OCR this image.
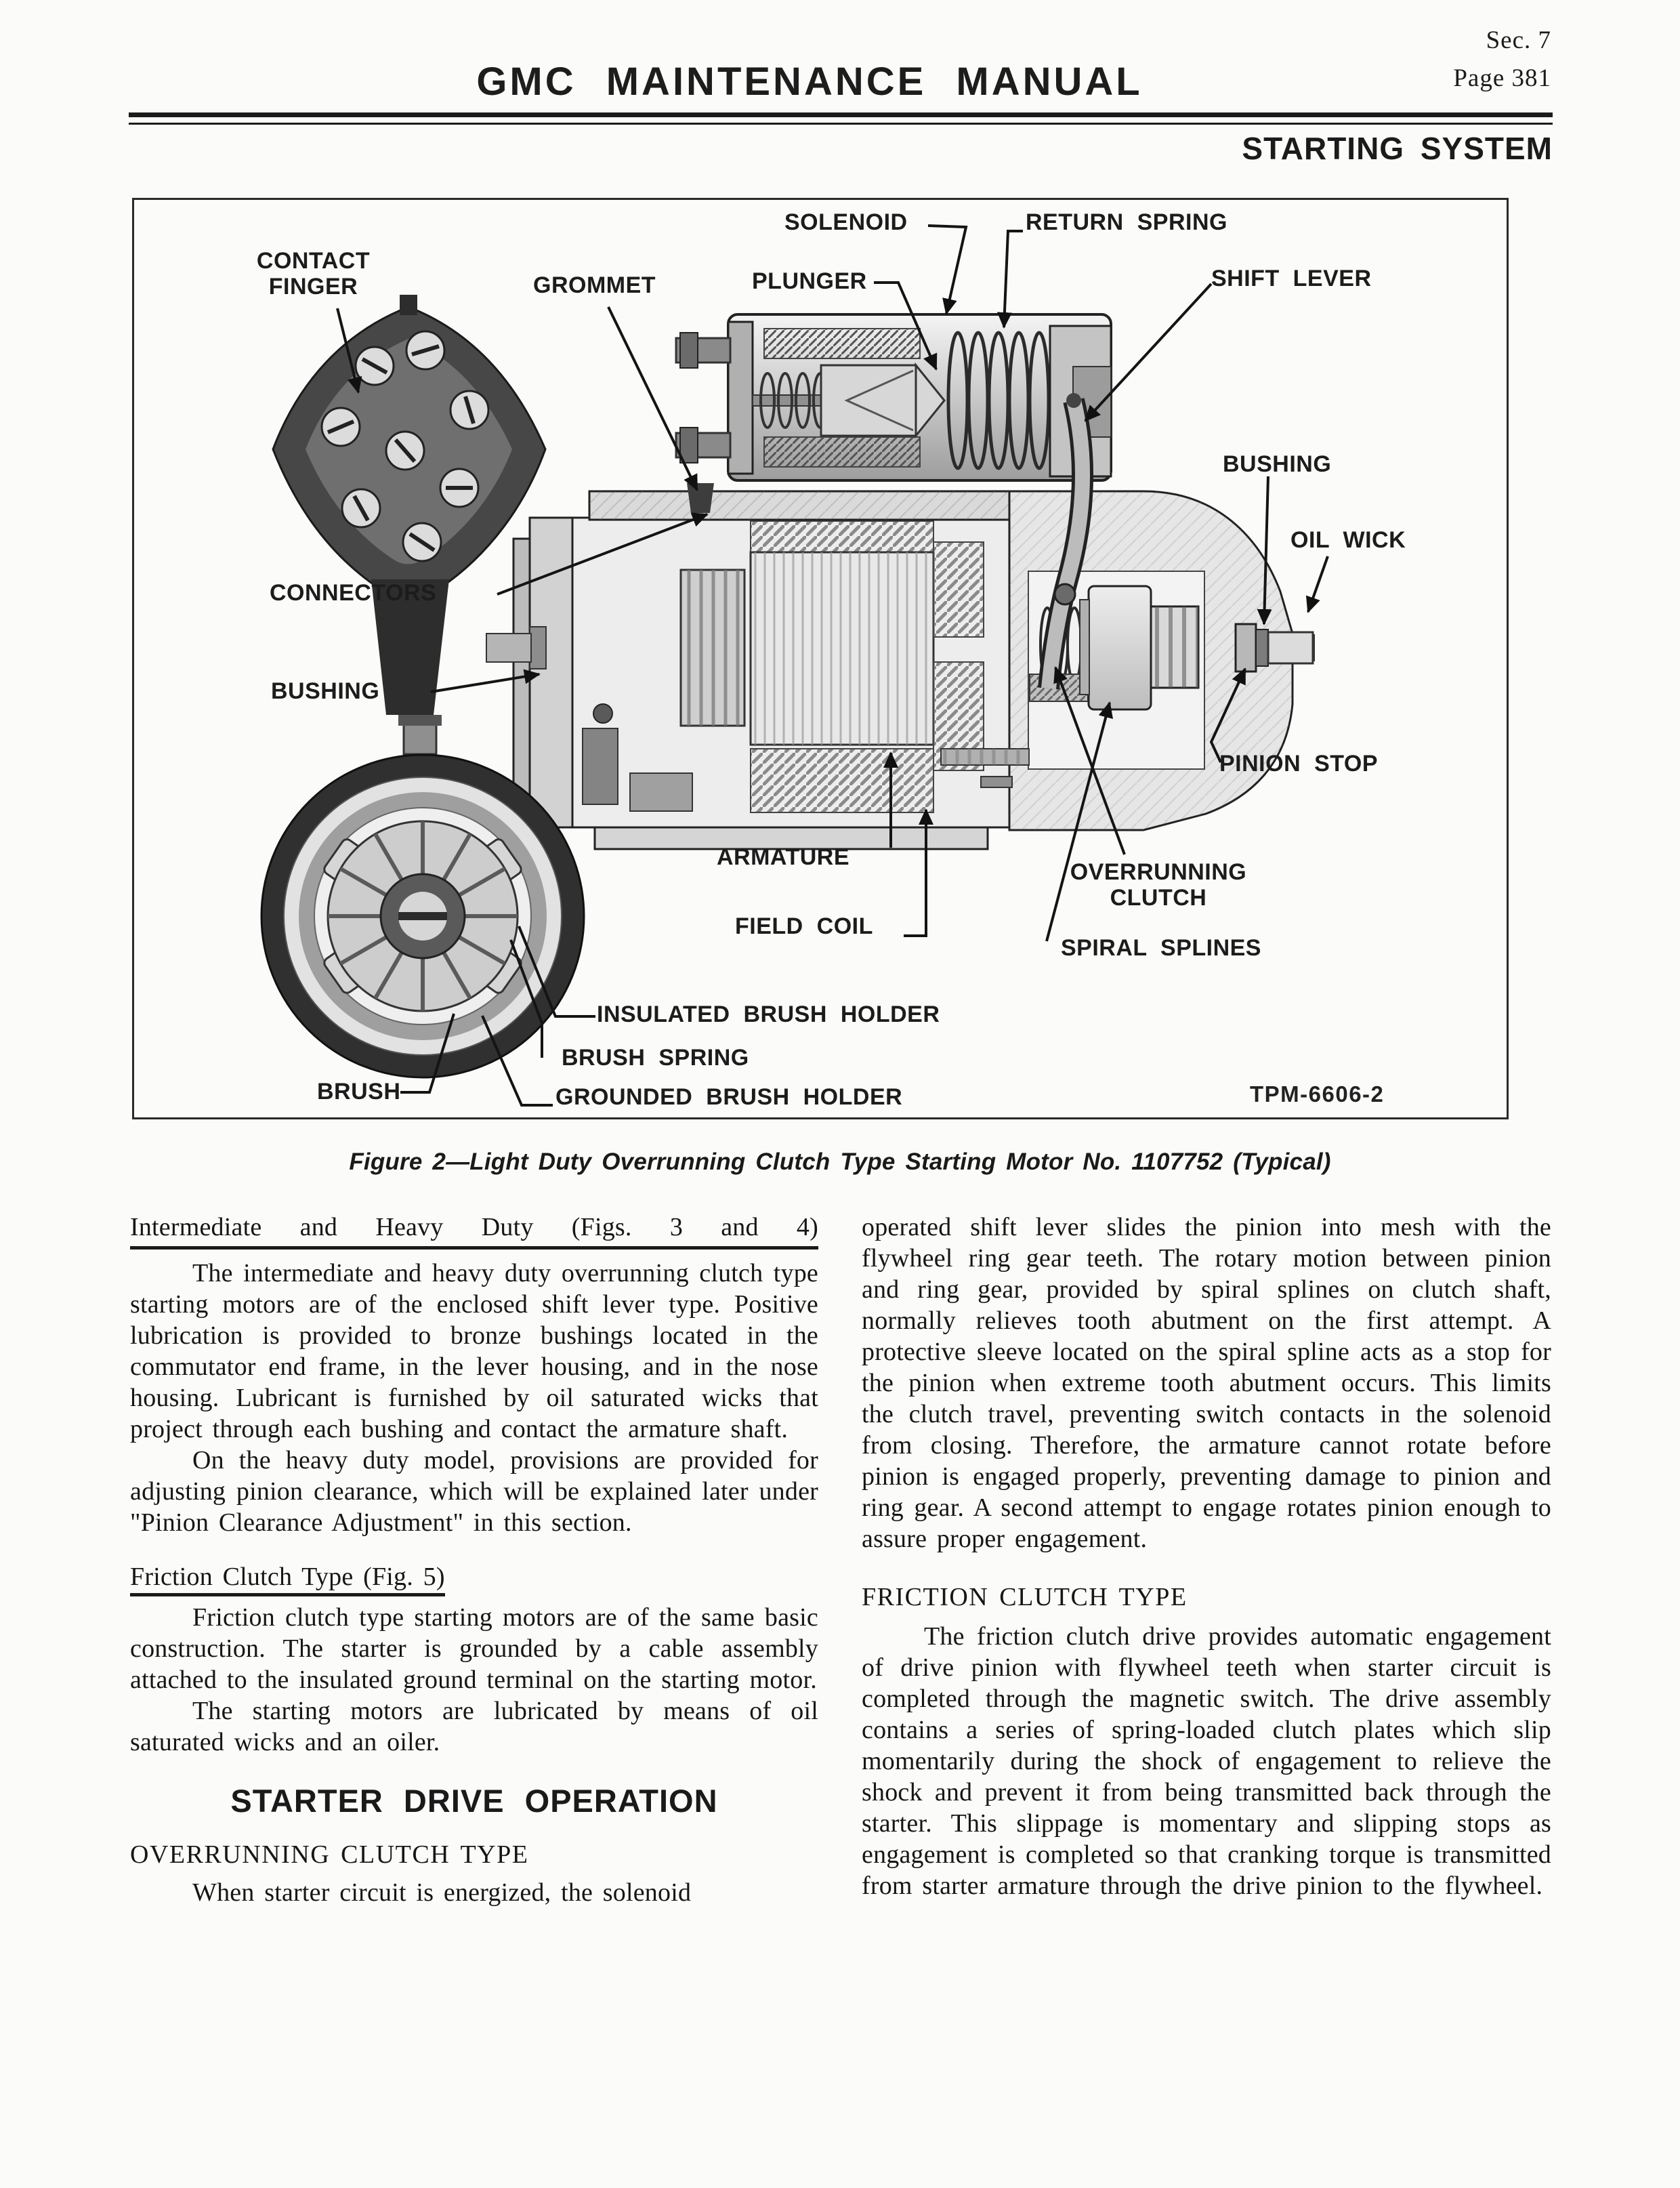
Sec. 7
Page 381
GMC MAINTENANCE MANUAL
STARTING SYSTEM
SOLENOID	RETURN SPRING
CONTACT FINGER	GROMMET	PLUNGER	SHIFT LEVER
BUSHING
OIL WICK
CONNECTORS
BUSHING
PINION STOP
ARMATURE
OVERRUNNING CLUTCH
FIELD COIL
SPIRAL SPLINES
INSULATED BRUSH HOLDER
BRUSH SPRING
BRUSH	GROUNDED BRUSH HOLDER	TPM-6606-2
Figure 2—Light Duty Overrunning Clutch Type Starting Motor No. 1107752 (Typical)
Intermediate and Heavy Duty (Figs. 3 and 4)

The intermediate and heavy duty overrunning clutch type starting motors are of the enclosed shift lever type. Positive lubrication is provided to bronze bushings located in the commutator end frame, in the lever housing, and in the nose housing. Lubricant is furnished by oil saturated wicks that project through each bushing and contact the armature shaft.

On the heavy duty model, provisions are provided for adjusting pinion clearance, which will be explained later under "Pinion Clearance Adjustment" in this section.

Friction Clutch Type (Fig. 5)

Friction clutch type starting motors are of the same basic construction. The starter is grounded by a cable assembly attached to the insulated ground terminal on the starting motor.

The starting motors are lubricated by means of oil saturated wicks and an oiler.

STARTER DRIVE OPERATION
OVERRUNNING CLUTCH TYPE

When starter circuit is energized, the solenoid

operated shift lever slides the pinion into mesh with the flywheel ring gear teeth. The rotary motion between pinion and ring gear, provided by spiral splines on clutch shaft, normally relieves tooth abutment on the first attempt. A protective sleeve located on the spiral spline acts as a stop for the pinion when extreme tooth abutment occurs. This limits the clutch travel, preventing switch contacts in the solenoid from closing. Therefore, the armature cannot rotate before pinion is engaged properly, preventing damage to pinion and ring gear. A second attempt to engage rotates pinion enough to assure proper engagement.

FRICTION CLUTCH TYPE

The friction clutch drive provides automatic engagement of drive pinion with flywheel teeth when starter circuit is completed through the magnetic switch. The drive assembly contains a series of spring-loaded clutch plates which slip momentarily during the shock of engagement to relieve the shock and prevent it from being transmitted back through the starter. This slippage is momentary and slipping stops as engagement is completed so that cranking torque is transmitted from starter armature through the drive pinion to the flywheel.
